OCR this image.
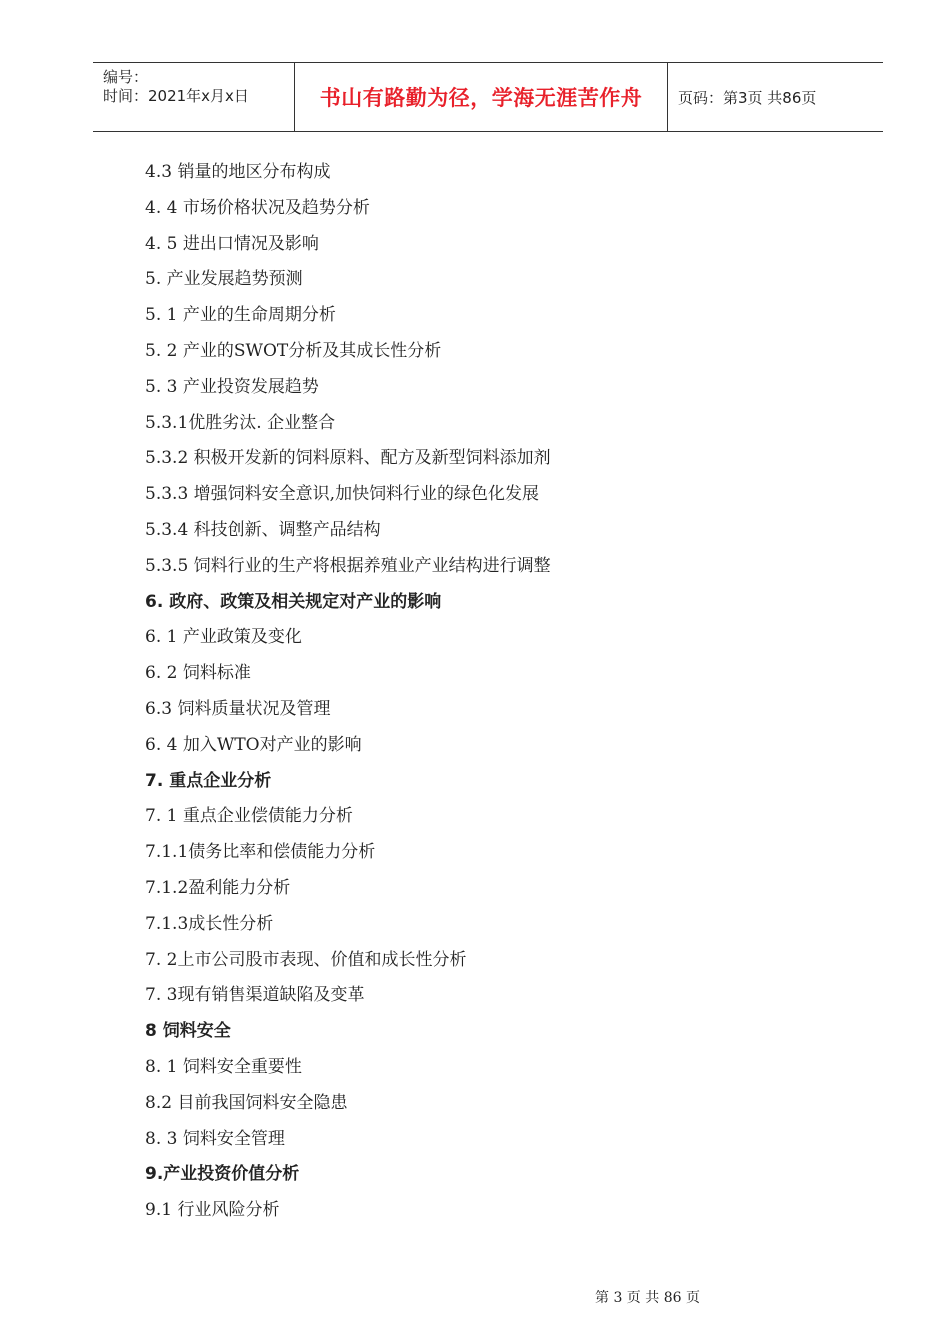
编号：
时间：2021年x月x日	书山有路勤为径，学海无涯苦作舟 页码：第3页 共86页
4.3 销量的地区分布构成
4. 4 市场价格状况及趋势分析
4. 5 进出口情况及影响
5. 产业发展趋势预测
5. 1 产业的生命周期分析
5. 2 产业的SWOT分析及其成长性分析
5. 3 产业投资发展趋势
5.3.1优胜劣汰. 企业整合
5.3.2 积极开发新的饲料原料、配方及新型饲料添加剂
5.3.3 增强饲料安全意识,加快饲料行业的绿色化发展
5.3.4 科技创新、调整产品结构
5.3.5 饲料行业的生产将根据养殖业产业结构进行调整
6. 政府、政策及相关规定对产业的影响
6. 1 产业政策及变化
6. 2 饲料标准
6.3 饲料质量状况及管理
6. 4 加入WTO对产业的影响
7. 重点企业分析
7. 1 重点企业偿债能力分析
7.1.1债务比率和偿债能力分析
7.1.2盈利能力分析
7.1.3成长性分析
7. 2上市公司股市表现、价值和成长性分析
7. 3现有销售渠道缺陷及变革
8 饲料安全
8. 1 饲料安全重要性
8.2 目前我国饲料安全隐患
8. 3 饲料安全管理
9.产业投资价值分析
9.1 行业风险分析
第 3 页 共 86 页
